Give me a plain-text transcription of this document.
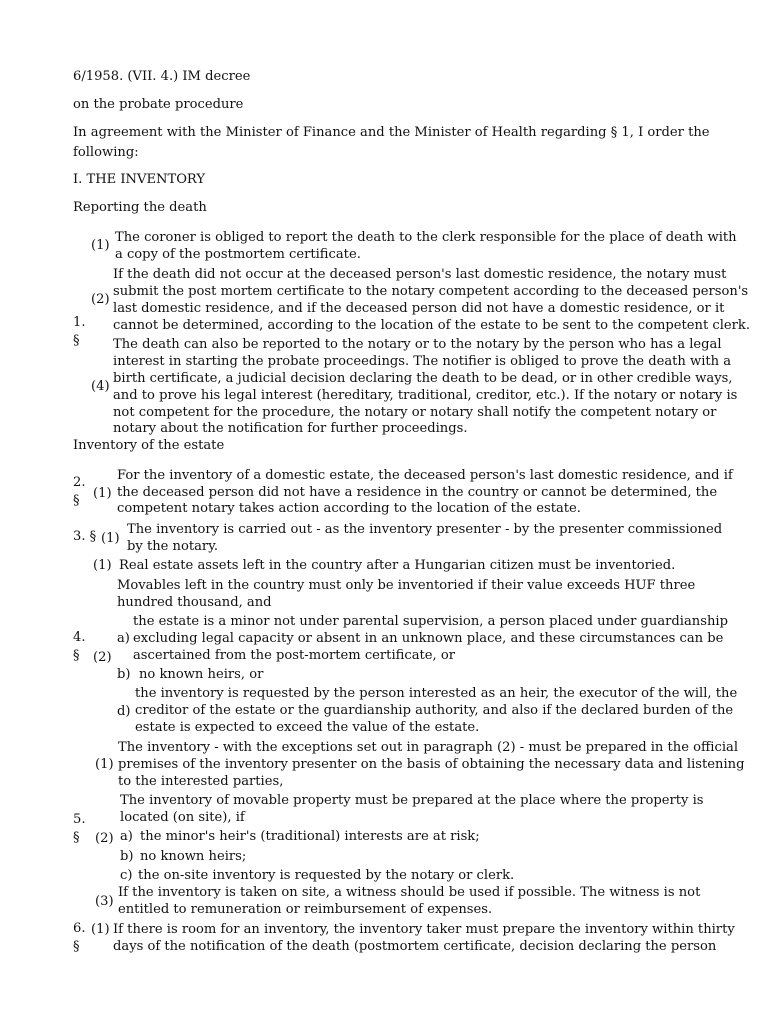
6/1958. (VII. 4.) IM decree

on the probate procedure

In agreement with the Minister of Finance and the Minister of Health regarding § 1, I order the

following:

I. THE INVENTORY

Reporting the death

1.
§
(1)
The coroner is obliged to report the death to the clerk responsible for the place of death with
a copy of the postmortem certificate.
(2)
If the death did not occur at the deceased person's last domestic residence, the notary must
submit the post mortem certificate to the notary competent according to the deceased person's
last domestic residence, and if the deceased person did not have a domestic residence, or it
cannot be determined, according to the location of the estate to be sent to the competent clerk.
(4)
The death can also be reported to the notary or to the notary by the person who has a legal
interest in starting the probate proceedings. The notifier is obliged to prove the death with a
birth certificate, a judicial decision declaring the death to be dead, or in other credible ways,
and to prove his legal interest (hereditary, traditional, creditor, etc.). If the notary or notary is
not competent for the procedure, the notary or notary shall notify the competent notary or
notary about the notification for further proceedings.

Inventory of the estate

2.
§ (1)
For the inventory of a domestic estate, the deceased person's last domestic residence, and if
the deceased person did not have a residence in the country or cannot be determined, the
competent notary takes action according to the location of the estate.
3. § (1)
The inventory is carried out - as the inventory presenter - by the presenter commissioned
by the notary.
4.
§
(1) Real estate assets left in the country after a Hungarian citizen must be inventoried.
(2)
Movables left in the country must only be inventoried if their value exceeds HUF three
hundred thousand, and
a)
the estate is a minor not under parental supervision, a person placed under guardianship
excluding legal capacity or absent in an unknown place, and these circumstances can be
ascertained from the post-mortem certificate, or
b) no known heirs, or
d)
the inventory is requested by the person interested as an heir, the executor of the will, the
creditor of the estate or the guardianship authority, and also if the declared burden of the
estate is expected to exceed the value of the estate.
5.
§
(1)
The inventory - with the exceptions set out in paragraph (2) - must be prepared in the official
premises of the inventory presenter on the basis of obtaining the necessary data and listening
to the interested parties,
(2)
The inventory of movable property must be prepared at the place where the property is
located (on site), if
a) the minor's heir's (traditional) interests are at risk;
b) no known heirs;
c) the on-site inventory is requested by the notary or clerk.
(3)
If the inventory is taken on site, a witness should be used if possible. The witness is not
entitled to remuneration or reimbursement of expenses.
6.
§
(1) If there is room for an inventory, the inventory taker must prepare the inventory within thirty
days of the notification of the death (postmortem certificate, decision declaring the person
